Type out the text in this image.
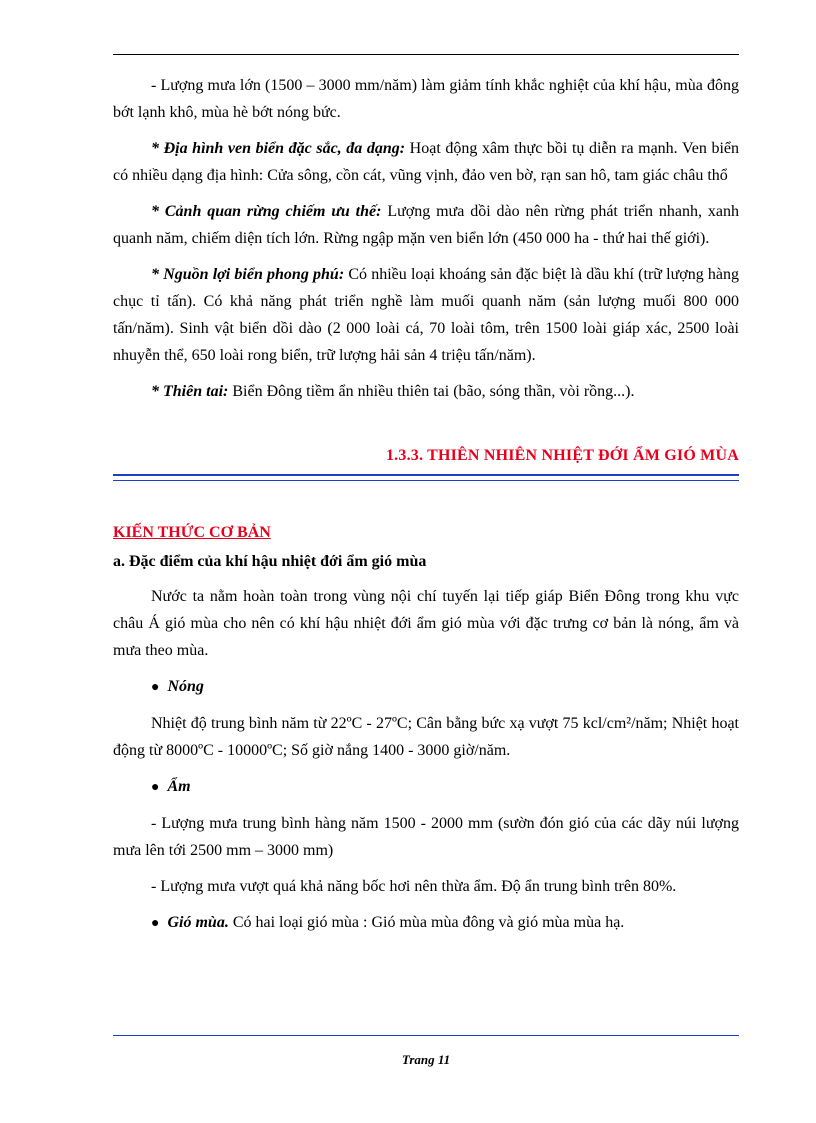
- Lượng mưa lớn (1500 – 3000 mm/năm) làm giảm tính khắc nghiệt của khí hậu, mùa đông bớt lạnh khô, mùa hè bớt nóng bức.

* Địa hình ven biển đặc sắc, đa dạng: Hoạt động xâm thực bồi tụ diễn ra mạnh. Ven biển có nhiều dạng địa hình: Cửa sông, cồn cát, vũng vịnh, đảo ven bờ, rạn san hô, tam giác châu thổ

* Cảnh quan rừng chiếm ưu thế: Lượng mưa dồi dào nên rừng phát triển nhanh, xanh quanh năm, chiếm diện tích lớn. Rừng ngập mặn ven biển lớn (450 000 ha - thứ hai thế giới).

* Nguồn lợi biển phong phú: Có nhiều loại khoáng sản đặc biệt là dầu khí (trữ lượng hàng chục tỉ tấn). Có khả năng phát triển nghề làm muối quanh năm (sản lượng muối 800 000 tấn/năm). Sinh vật biển dồi dào (2 000 loài cá, 70 loài tôm, trên 1500 loài giáp xác, 2500 loài nhuyễn thể, 650 loài rong biển, trữ lượng hải sản 4 triệu tấn/năm).

* Thiên tai: Biển Đông tiềm ẩn nhiều thiên tai (bão, sóng thần, vòi rồng...).

1.3.3. THIÊN NHIÊN NHIỆT ĐỚI ẨM GIÓ MÙA
KIẾN THỨC CƠ BẢN

a. Đặc điểm của khí hậu nhiệt đới ẩm gió mùa

Nước ta nằm hoàn toàn trong vùng nội chí tuyến lại tiếp giáp Biển Đông trong khu vực châu Á gió mùa cho nên có khí hậu nhiệt đới ẩm gió mùa với đặc trưng cơ bản là nóng, ẩm và mưa theo mùa.

● Nóng

Nhiệt độ trung bình năm từ 22ºC - 27ºC; Cân bằng bức xạ vượt 75 kcl/cm²/năm; Nhiệt hoạt động từ 8000ºC - 10000ºC; Số giờ nắng 1400 - 3000 giờ/năm.

● Ẩm

- Lượng mưa trung bình hàng năm 1500 - 2000 mm (sườn đón gió của các dãy núi lượng mưa lên tới 2500 mm – 3000 mm)

- Lượng mưa vượt quá khả năng bốc hơi nên thừa ẩm. Độ ẩn trung bình trên 80%.

● Gió mùa. Có hai loại gió mùa : Gió mùa mùa đông và gió mùa mùa hạ.

Trang 11
